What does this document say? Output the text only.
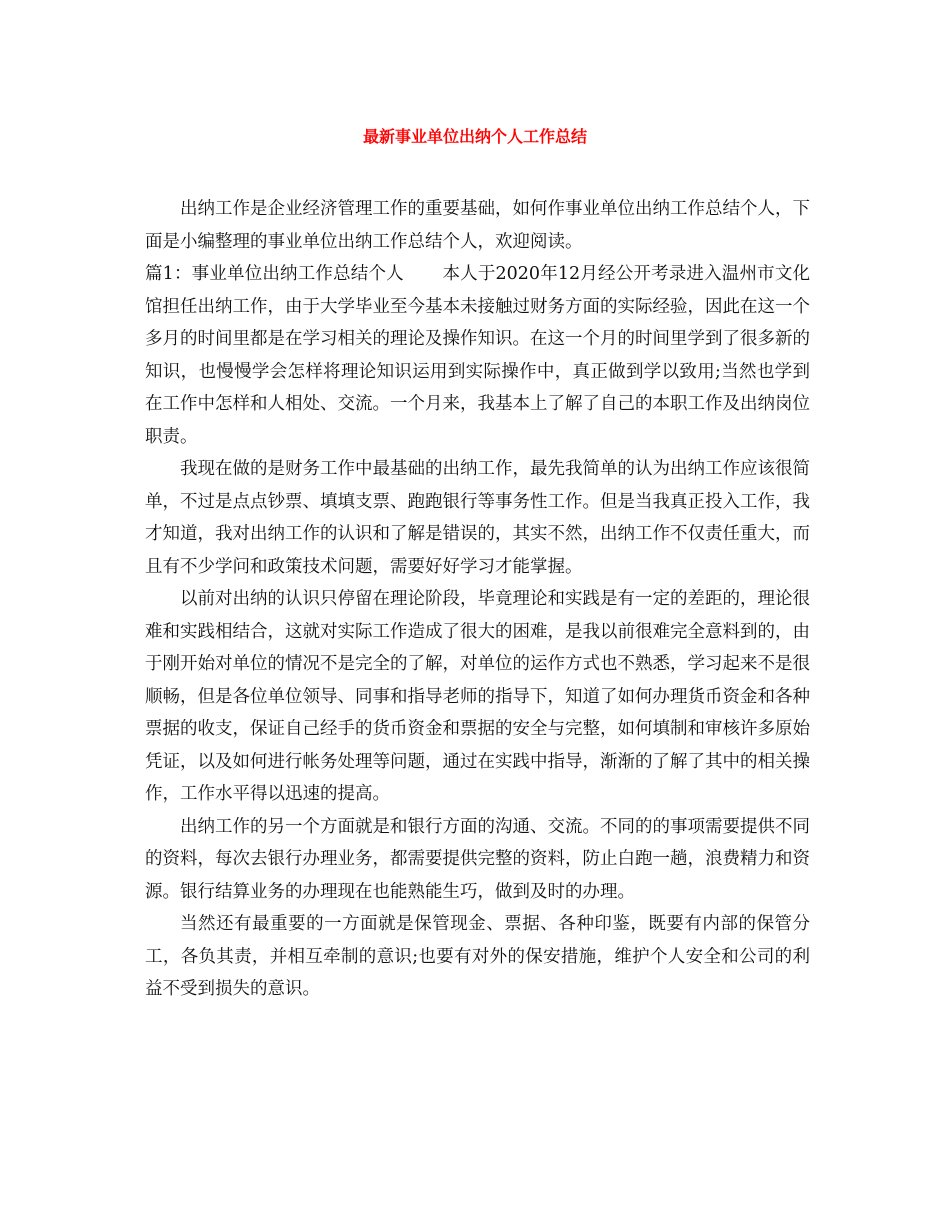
最新事业单位出纳个人工作总结

出纳工作是企业经济管理工作的重要基础，如何作事业单位出纳工作总结个人，下面是小编整理的事业单位出纳工作总结个人，欢迎阅读。

篇1：事业单位出纳工作总结个人 本人于2020年12月经公开考录进入温州市文化馆担任出纳工作，由于大学毕业至今基本未接触过财务方面的实际经验，因此在这一个多月的时间里都是在学习相关的理论及操作知识。在这一个月的时间里学到了很多新的知识，也慢慢学会怎样将理论知识运用到实际操作中，真正做到学以致用;当然也学到在工作中怎样和人相处、交流。一个月来，我基本上了解了自己的本职工作及出纳岗位职责。

我现在做的是财务工作中最基础的出纳工作，最先我简单的认为出纳工作应该很简单，不过是点点钞票、填填支票、跑跑银行等事务性工作。但是当我真正投入工作，我才知道，我对出纳工作的认识和了解是错误的，其实不然，出纳工作不仅责任重大，而且有不少学问和政策技术问题，需要好好学习才能掌握。

以前对出纳的认识只停留在理论阶段，毕竟理论和实践是有一定的差距的，理论很难和实践相结合，这就对实际工作造成了很大的困难，是我以前很难完全意料到的，由于刚开始对单位的情况不是完全的了解，对单位的运作方式也不熟悉，学习起来不是很顺畅，但是各位单位领导、同事和指导老师的指导下，知道了如何办理货币资金和各种票据的收支，保证自己经手的货币资金和票据的安全与完整，如何填制和审核许多原始凭证，以及如何进行帐务处理等问题，通过在实践中指导，渐渐的了解了其中的相关操作，工作水平得以迅速的提高。

出纳工作的另一个方面就是和银行方面的沟通、交流。不同的的事项需要提供不同的资料，每次去银行办理业务，都需要提供完整的资料，防止白跑一趟，浪费精力和资源。银行结算业务的办理现在也能熟能生巧，做到及时的办理。

当然还有最重要的一方面就是保管现金、票据、各种印鉴，既要有内部的保管分工，各负其责，并相互牵制的意识;也要有对外的保安措施，维护个人安全和公司的利益不受到损失的意识。
